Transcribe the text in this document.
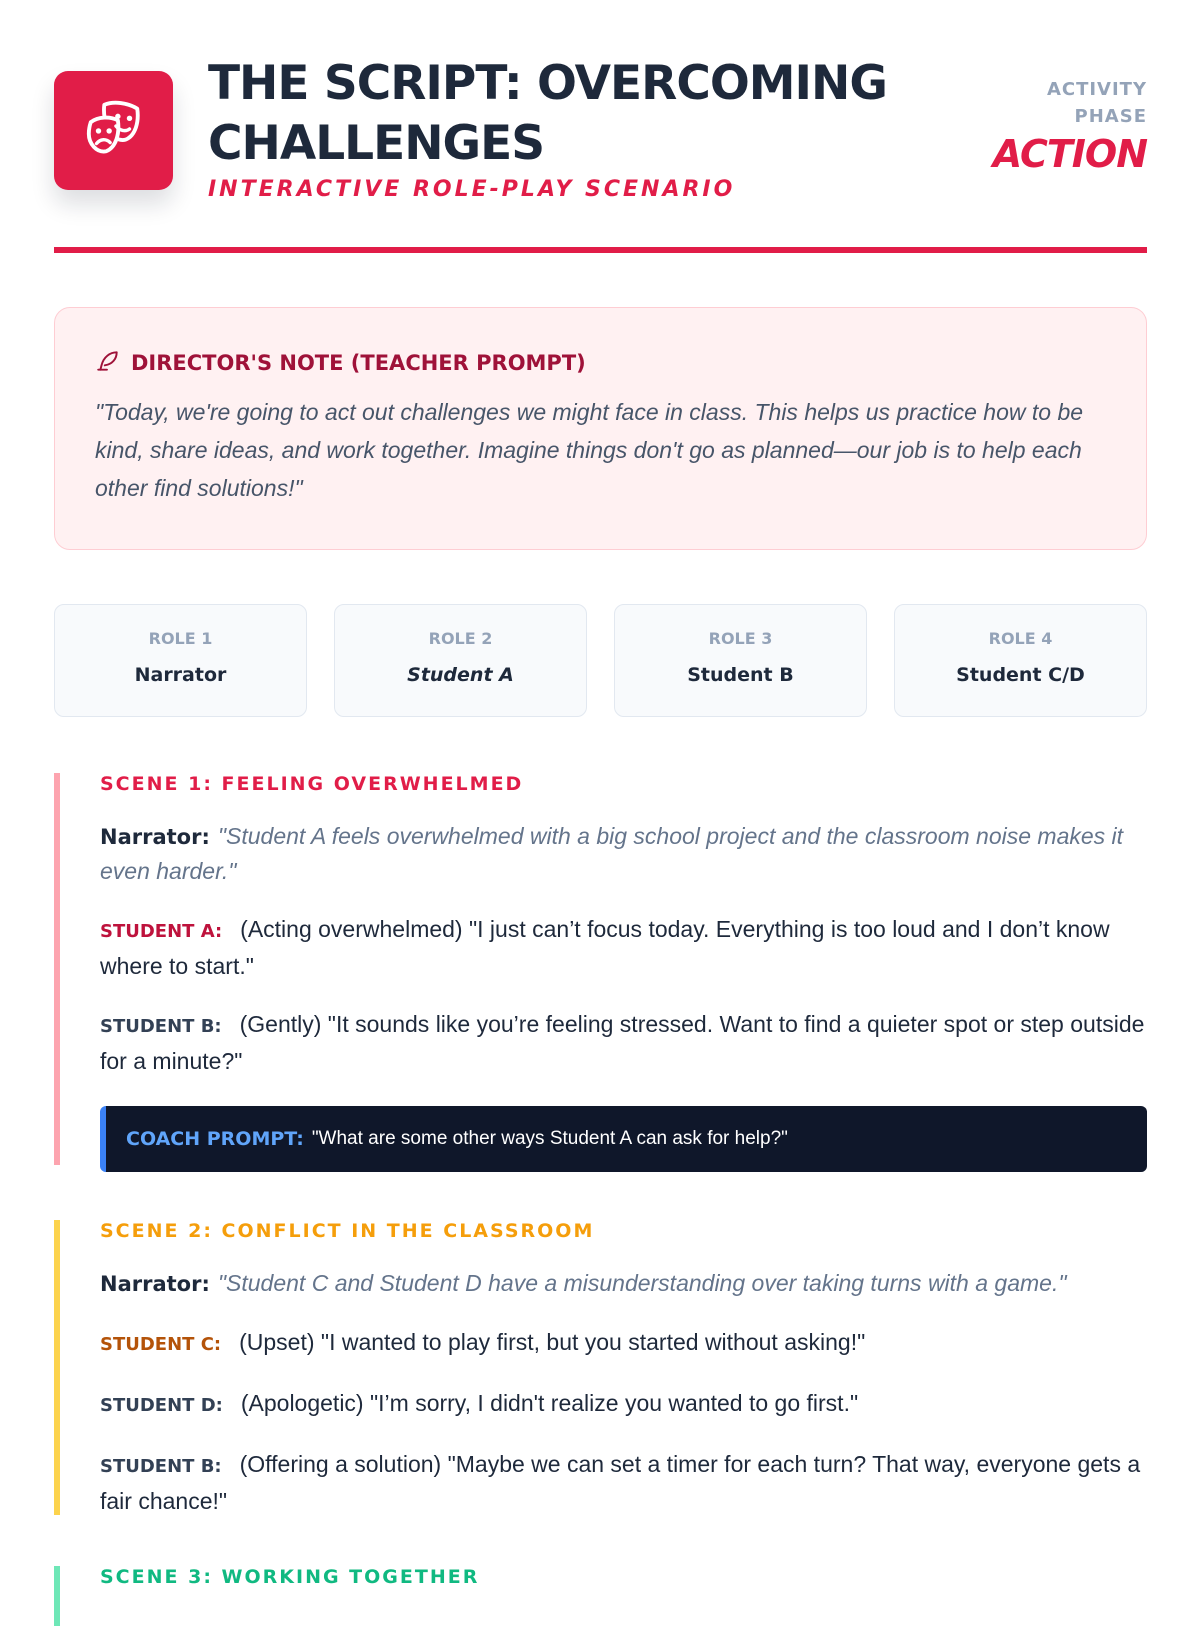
THE SCRIPT: OVERCOMING CHALLENGES

INTERACTIVE ROLE-PLAY SCENARIO

ACTIVITY PHASE
ACTION
DIRECTOR'S NOTE (TEACHER PROMPT)
"Today, we're going to act out challenges we might face in class. This helps us practice how to be kind, share ideas, and work together. Imagine things don't go as planned—our job is to help each other find solutions!"
ROLE 1
Narrator
ROLE 2
Student A
ROLE 3
Student B
ROLE 4
Student C/D
SCENE 1: FEELING OVERWHELMED
Narrator: "Student A feels overwhelmed with a big school project and the classroom noise makes it even harder."
STUDENT A: (Acting overwhelmed) "I just can’t focus today. Everything is too loud and I don’t know where to start."
STUDENT B: (Gently) "It sounds like you’re feeling stressed. Want to find a quieter spot or step outside for a minute?"
COACH PROMPT: "What are some other ways Student A can ask for help?"
SCENE 2: CONFLICT IN THE CLASSROOM
Narrator: "Student C and Student D have a misunderstanding over taking turns with a game."
STUDENT C: (Upset) "I wanted to play first, but you started without asking!"
STUDENT D: (Apologetic) "I’m sorry, I didn't realize you wanted to go first."
STUDENT B: (Offering a solution) "Maybe we can set a timer for each turn? That way, everyone gets a fair chance!"
SCENE 3: WORKING TOGETHER
